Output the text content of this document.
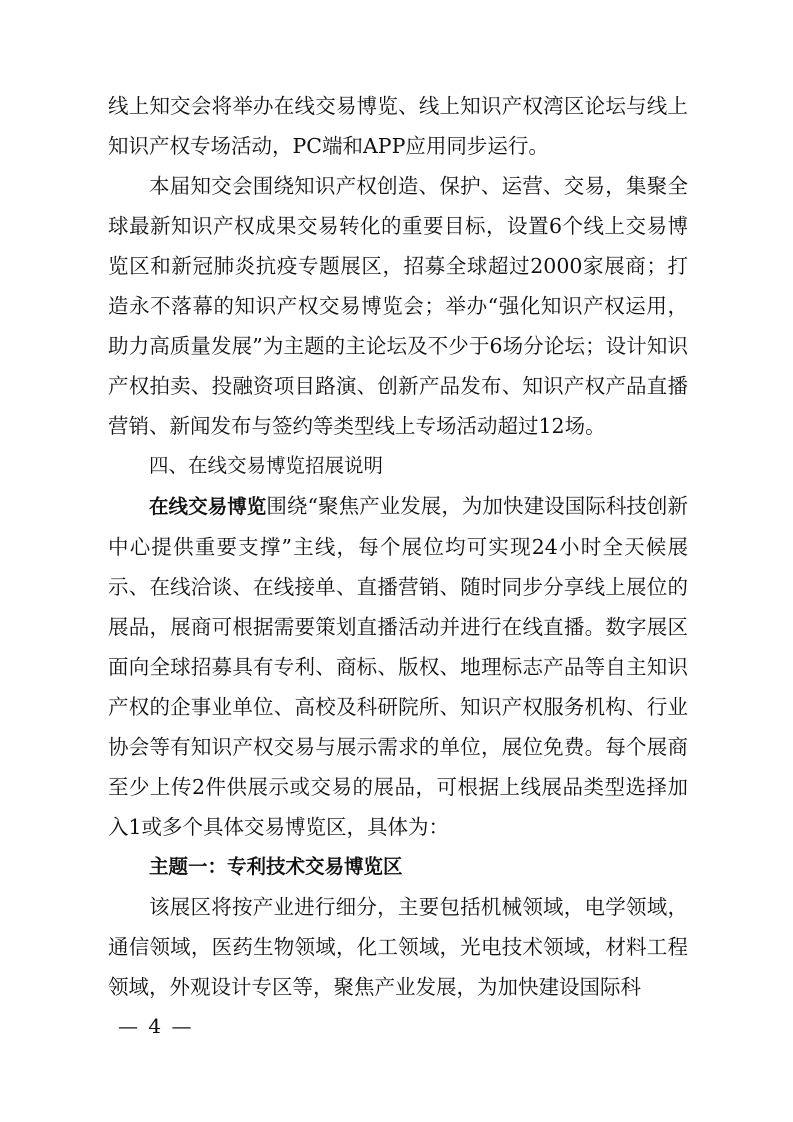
线上知交会将举办在线交易博览、线上知识产权湾区论坛与线上知识产权专场活动，PC端和APP应用同步运行。

本届知交会围绕知识产权创造、保护、运营、交易，集聚全球最新知识产权成果交易转化的重要目标，设置6个线上交易博览区和新冠肺炎抗疫专题展区，招募全球超过2000家展商；打造永不落幕的知识产权交易博览会；举办“强化知识产权运用，助力高质量发展”为主题的主论坛及不少于6场分论坛；设计知识产权拍卖、投融资项目路演、创新产品发布、知识产权产品直播营销、新闻发布与签约等类型线上专场活动超过12场。

四、在线交易博览招展说明

在线交易博览围绕“聚焦产业发展，为加快建设国际科技创新中心提供重要支撑”主线，每个展位均可实现24小时全天候展示、在线洽谈、在线接单、直播营销、随时同步分享线上展位的展品，展商可根据需要策划直播活动并进行在线直播。数字展区面向全球招募具有专利、商标、版权、地理标志产品等自主知识产权的企事业单位、高校及科研院所、知识产权服务机构、行业协会等有知识产权交易与展示需求的单位，展位免费。每个展商至少上传2件供展示或交易的展品，可根据上线展品类型选择加入1或多个具体交易博览区，具体为：

主题一：专利技术交易博览区

该展区将按产业进行细分，主要包括机械领域，电学领域，通信领域，医药生物领域，化工领域，光电技术领域，材料工程领域，外观设计专区等，聚焦产业发展，为加快建设国际科

— 4 —
